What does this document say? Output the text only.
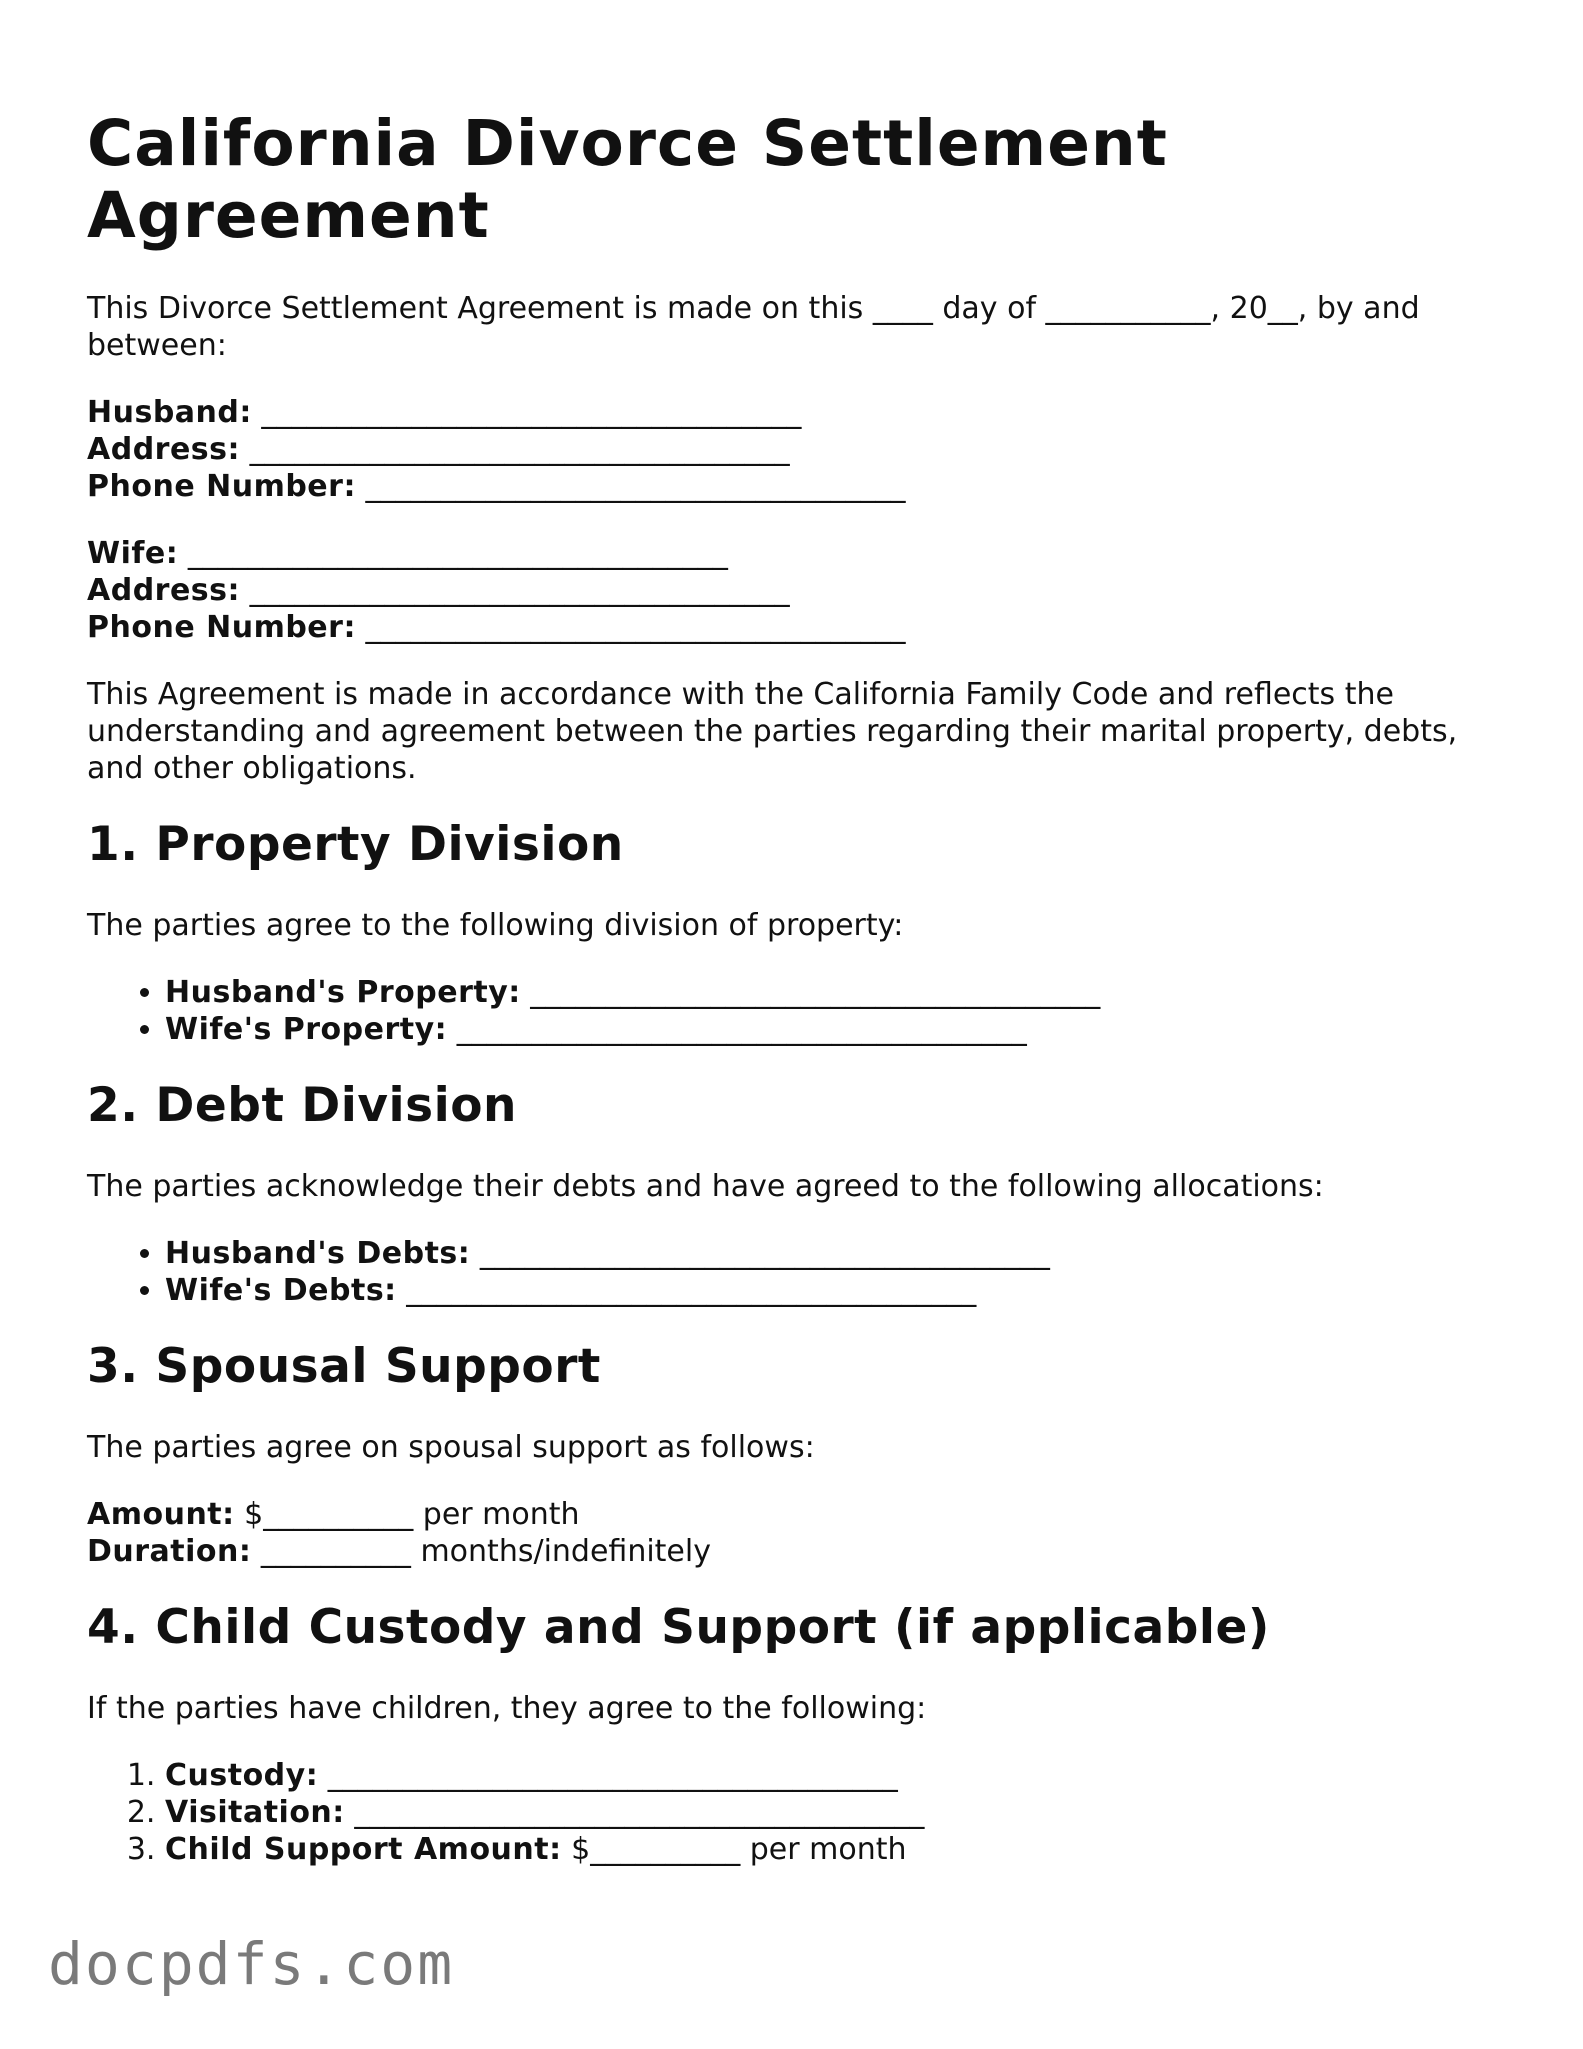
California Divorce Settlement Agreement

This Divorce Settlement Agreement is made on this ____ day of ___________, 20__, by and between:

Husband: ____________________________________
Address: ____________________________________
Phone Number: ____________________________________
Wife: ____________________________________
Address: ____________________________________
Phone Number: ____________________________________

This Agreement is made in accordance with the California Family Code and reflects the understanding and agreement between the parties regarding their marital property, debts, and other obligations.

1. Property Division

The parties agree to the following division of property:

• Husband's Property: ______________________________________
• Wife's Property: ______________________________________
2. Debt Division

The parties acknowledge their debts and have agreed to the following allocations:

• Husband's Debts: ______________________________________
• Wife's Debts: ______________________________________
3. Spousal Support

The parties agree on spousal support as follows:

Amount: $__________ per month
Duration: __________ months/indefinitely
4. Child Custody and Support (if applicable)

If the parties have children, they agree to the following:

1. Custody: ______________________________________
2. Visitation: ______________________________________
3. Child Support Amount: $__________ per month
docpdfs.com
